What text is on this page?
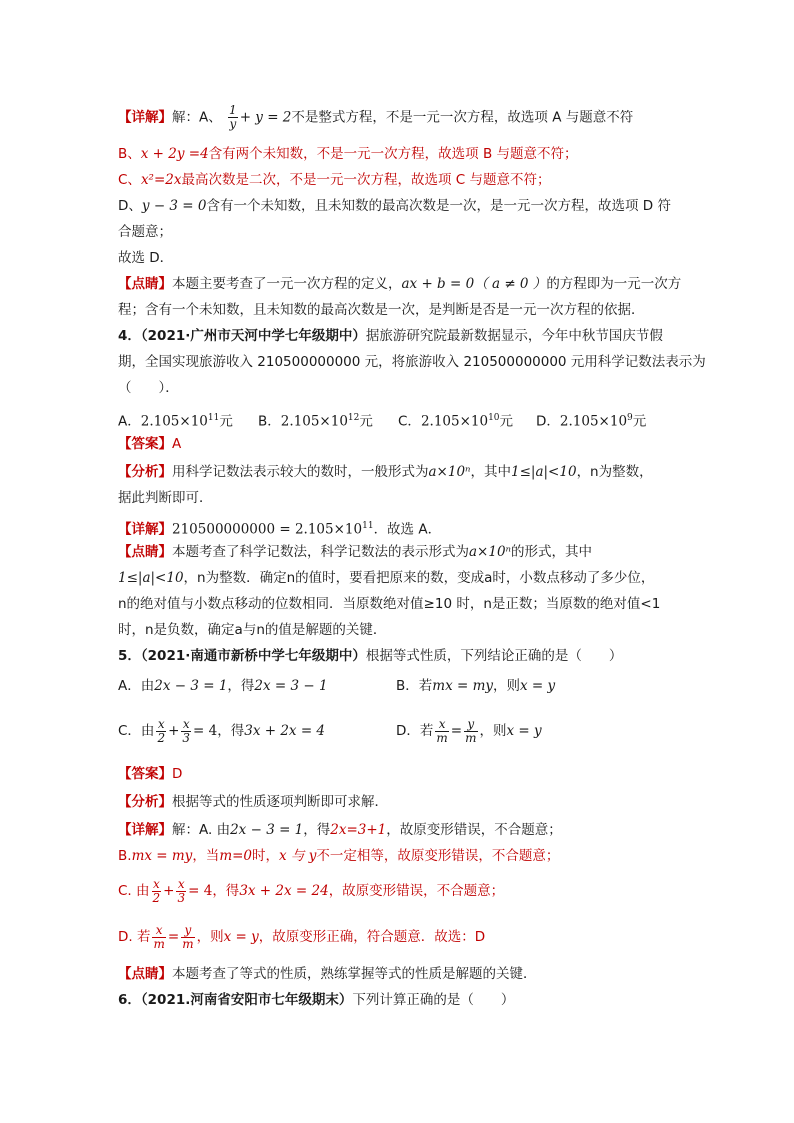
【详解】解：A、 $\frac{1}{y} + y = 2$不是整式方程，不是一元一次方程，故选项 A 与题意不符
B、x + 2y =4含有两个未知数，不是一元一次方程，故选项 B 与题意不符；
C、x²=2x最高次数是二次，不是一元一次方程，故选项 C 与题意不符；
D、y − 3 = 0含有一个未知数，且未知数的最高次数是一次，是一元一次方程，故选项 D 符
合题意；
故选 D．
【点睛】本题主要考查了一元一次方程的定义，ax + b = 0（ a ≠ 0 ）的方程即为一元一次方
程；含有一个未知数，且未知数的最高次数是一次，是判断是否是一元一次方程的依据．
4．（2021·广州市天河中学七年级期中）据旅游研究院最新数据显示，今年中秋节国庆节假
期，全国实现旅游收入 210500000000 元，将旅游收入 210500000000 元用科学记数法表示为
（　　）．
A．$2.105\times 10^{11}$元 B．$2.105\times 10^{12}$元 C．$2.105\times 10^{10}$元 D．$2.105\times 10^9$元
【答案】A
【分析】用科学记数法表示较大的数时，一般形式为a×10ⁿ，其中1≤|a|<10，n为整数，
据此判断即可．
【详解】$210500000000 = 2.105\times 10^{11}$．故选 A．
【点睛】本题考查了科学记数法，科学记数法的表示形式为a×10ⁿ的形式，其中
1≤|a|<10，n为整数．确定n的值时，要看把原来的数，变成a时，小数点移动了多少位，
n的绝对值与小数点移动的位数相同．当原数绝对值≥10 时，n是正数；当原数的绝对值<1
时，n是负数，确定a与n的值是解题的关键．
5．（2021·南通市新桥中学七年级期中）根据等式性质，下列结论正确的是（　　）
A．由2x − 3 = 1，得2x = 3 − 1	B．若mx = my，则x = y
C．由 $\frac{x}{2} + \frac{x}{3} = 4$，得3x + 2x = 4	D．若 $\frac{x}{m} = \frac{y}{m}$ ，则x = y
【答案】D
【分析】根据等式的性质逐项判断即可求解．
【详解】解：A. 由2x − 3 = 1，得2x=3+1，故原变形错误，不合题意；
B.mx = my，当m=0时，x 与 y不一定相等，故原变形错误，不合题意；
C. 由 $\frac{x}{2} + \frac{x}{3} = 4$，得3x + 2x = 24，故原变形错误，不合题意；
D. 若 $\frac{x}{m} = \frac{y}{m}$ ，则x = y，故原变形正确，符合题意．故选：D
【点睛】本题考查了等式的性质，熟练掌握等式的性质是解题的关键．
6．（2021.河南省安阳市七年级期末）下列计算正确的是（　　）
